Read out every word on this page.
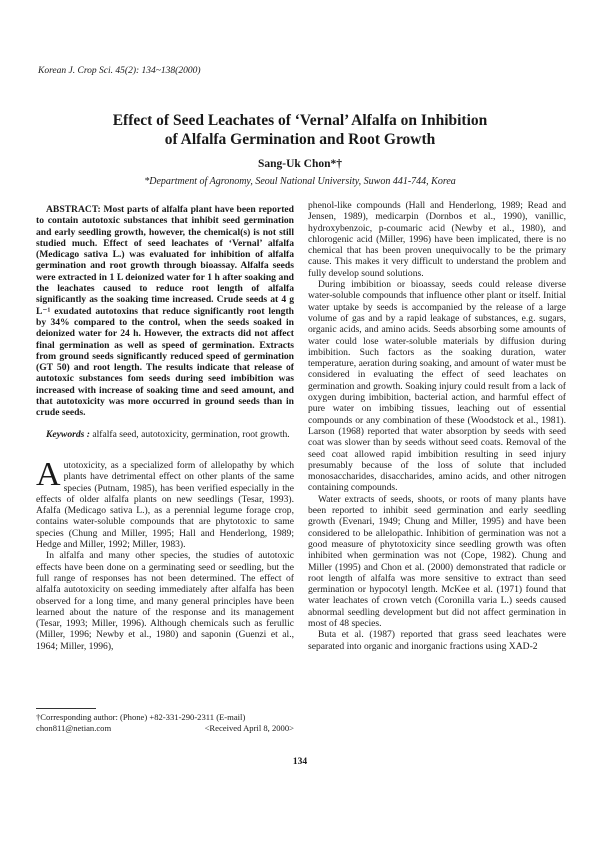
Korean J. Crop Sci. 45(2): 134~138(2000)
Effect of Seed Leachates of ‘Vernal’ Alfalfa on Inhibition
of Alfalfa Germination and Root Growth
Sang-Uk Chon*†
*Department of Agronomy, Seoul National University, Suwon 441-744, Korea

ABSTRACT: Most parts of alfalfa plant have been reported to contain autotoxic substances that inhibit seed germination and early seedling growth, however, the chemical(s) is not still studied much. Effect of seed leachates of ‘Vernal’ alfalfa (Medicago sativa L.) was evaluated for inhibition of alfalfa germination and root growth through bioassay. Alfalfa seeds were extracted in 1 L deionized water for 1 h after soaking and the leachates caused to reduce root length of alfalfa significantly as the soaking time increased. Crude seeds at 4 g L⁻¹ exudated autotoxins that reduce significantly root length by 34% compared to the control, when the seeds soaked in deionized water for 24 h. However, the extracts did not affect final germination as well as speed of germination. Extracts from ground seeds significantly reduced speed of germination (GT 50) and root length. The results indicate that release of autotoxic substances fom seeds during seed imbibition was increased with increase of soaking time and seed amount, and that autotoxicity was more occurred in ground seeds than in crude seeds.

Keywords : alfalfa seed, autotoxicity, germination, root growth.

Autotoxicity, as a specialized form of allelopathy by which plants have detrimental effect on other plants of the same species (Putnam, 1985), has been verified especially in the effects of older alfalfa plants on new seedlings (Tesar, 1993). Afalfa (Medicago sativa L.), as a perennial legume forage crop, contains water-soluble compounds that are phytotoxic to same species (Chung and Miller, 1995; Hall and Henderlong, 1989; Hedge and Miller, 1992; Miller, 1983).

In alfalfa and many other species, the studies of autotoxic effects have been done on a germinating seed or seedling, but the full range of responses has not been determined. The effect of alfalfa autotoxicity on seeding immediately after alfalfa has been observed for a long time, and many general principles have been learned about the nature of the response and its management (Tesar, 1993; Miller, 1996). Although chemicals such as ferullic (Miller, 1996; Newby et al., 1980) and saponin (Guenzi et al., 1964; Miller, 1996),

phenol-like compounds (Hall and Henderlong, 1989; Read and Jensen, 1989), medicarpin (Dornbos et al., 1990), vanillic, hydroxybenzoic, p-coumaric acid (Newby et al., 1980), and chlorogenic acid (Miller, 1996) have been implicated, there is no chemical that has been proven unequivocally to be the primary cause. This makes it very difficult to understand the problem and fully develop sound solutions.

During imbibition or bioassay, seeds could release diverse water-soluble compounds that influence other plant or itself. Initial water uptake by seeds is accompanied by the release of a large volume of gas and by a rapid leakage of substances, e.g. sugars, organic acids, and amino acids. Seeds absorbing some amounts of water could lose water-soluble materials by diffusion during imbibition. Such factors as the soaking duration, water temperature, aeration during soaking, and amount of water must be considered in evaluating the effect of seed leachates on germination and growth. Soaking injury could result from a lack of oxygen during imbibition, bacterial action, and harmful effect of pure water on imbibing tissues, leaching out of essential compounds or any combination of these (Woodstock et al., 1981). Larson (1968) reported that water absorption by seeds with seed coat was slower than by seeds without seed coats. Removal of the seed coat allowed rapid imbibition resulting in seed injury presumably because of the loss of solute that included monosaccharides, disaccharides, amino acids, and other nitrogen containing compounds.

Water extracts of seeds, shoots, or roots of many plants have been reported to inhibit seed germination and early seedling growth (Evenari, 1949; Chung and Miller, 1995) and have been considered to be allelopathic. Inhibition of germination was not a good measure of phytotoxicity since seedling growth was often inhibited when germination was not (Cope, 1982). Chung and Miller (1995) and Chon et al. (2000) demonstrated that radicle or root length of alfalfa was more sensitive to extract than seed germination or hypocotyl length. McKee et al. (1971) found that water leachates of crown vetch (Coronilla varia L.) seeds caused abnormal seedling development but did not affect germination in most of 48 species.

Buta et al. (1987) reported that grass seed leachates were separated into organic and inorganic fractions using XAD-2

†Corresponding author: (Phone) +82-331-290-2311 (E-mail) chon811@netian.com	<Received April 8, 2000>
134
